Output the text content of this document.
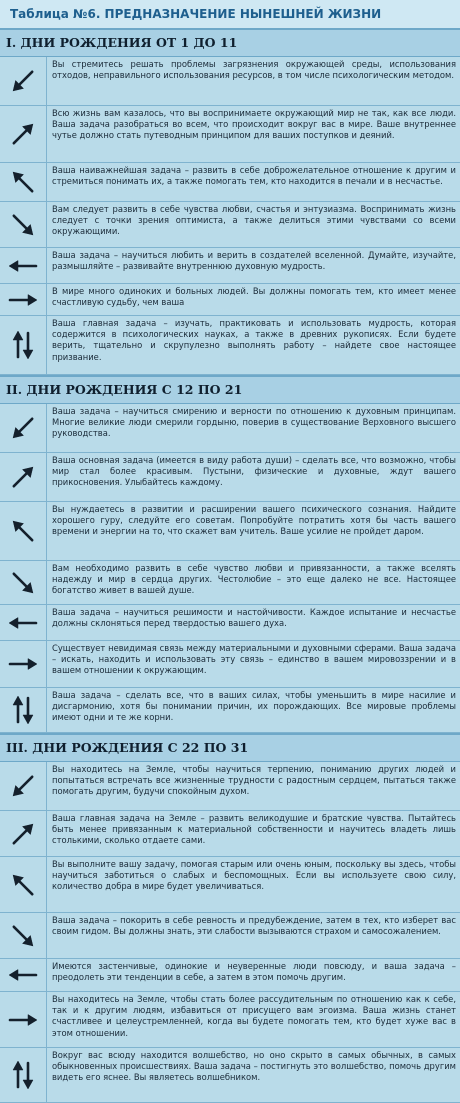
Таблица №6. ПРЕДНАЗНАЧЕНИЕ НЫНЕШНЕЙ ЖИЗНИ
I. ДНИ РОЖДЕНИЯ ОТ 1 ДО 11
Вы стремитесь решать проблемы загрязнения окружающей среды, использования отходов, неправильного использования ресурсов, в том числе психологическим методом.
Всю жизнь вам казалось, что вы воспринимаете окружающий мир не так, как все люди. Ваша задача разобраться во всем, что происходит вокруг вас в мире. Ваше внутреннее чутье должно стать путеводным принципом для ваших поступков и деяний.
Ваша наиважнейшая задача – развить в себе доброжелательное отношение к другим и стремиться понимать их, а также помогать тем, кто находится в печали и в несчастье.
Вам следует развить в себе чувства любви, счастья и энтузиазма. Воспринимать жизнь следует с точки зрения оптимиста, а также делиться этими чувствами со всеми окружающими.
Ваша задача – научиться любить и верить в создателей вселенной. Думайте, изучайте, размышляйте – развивайте внутреннюю духовную мудрость.
В мире много одиноких и больных людей. Вы должны помогать тем, кто имеет менее счастливую судьбу, чем ваша
Ваша главная задача – изучать, практиковать и использовать мудрость, которая содержится в психологических науках, а также в древних рукописях. Если будете верить, тщательно и скрупулезно выполнять работу – найдете свое настоящее призвание.
II. ДНИ РОЖДЕНИЯ С 12 ПО 21
Ваша задача – научиться смирению и верности по отношению к духовным принципам. Многие великие люди смерили гордыню, поверив в существование Верховного высшего руководства.
Ваша основная задача (имеется в виду работа души) – сделать все, что возможно, чтобы мир стал более красивым. Пустыни, физические и духовные, ждут вашего прикосновения. Улыбайтесь каждому.
Вы нуждаетесь в развитии и расширении вашего психического сознания. Найдите хорошего гуру, следуйте его советам. Попробуйте потратить хотя бы часть вашего времени и энергии на то, что скажет вам учитель. Ваше усилие не пройдет даром.
Вам необходимо развить в себе чувство любви и привязанности, а также вселять надежду и мир в сердца других. Честолюбие – это еще далеко не все. Настоящее богатство живет в вашей душе.
Ваша задача – научиться решимости и настойчивости. Каждое испытание и несчастье должны склоняться перед твердостью вашего духа.
Существует невидимая связь между материальными и духовными сферами. Ваша задача – искать, находить и использовать эту связь – единство в вашем мировоззрении и в вашем отношении к окружающим.
Ваша задача – сделать все, что в ваших силах, чтобы уменьшить в мире насилие и дисгармонию, хотя бы понимании причин, их порождающих. Все мировые проблемы имеют одни и те же корни.
III. ДНИ РОЖДЕНИЯ С 22 ПО 31
Вы находитесь на Земле, чтобы научиться терпению, пониманию других людей и попытаться встречать все жизненные трудности с радостным сердцем, пытаться также помогать другим, будучи спокойным духом.
Ваша главная задача на Земле – развить великодушие и братские чувства. Пытайтесь быть менее привязанным к материальной собственности и научитесь владеть лишь столькими, сколько отдаете сами.
Вы выполните вашу задачу, помогая старым или очень юным, поскольку вы здесь, чтобы научиться заботиться о слабых и беспомощных. Если вы используете свою силу, количество добра в мире будет увеличиваться.
Ваша задача – покорить в себе ревность и предубеждение, затем в тех, кто изберет вас своим гидом. Вы должны знать, эти слабости вызываются страхом и самосожалением.
Имеются застенчивые, одинокие и неуверенные люди повсюду, и ваша задача – преодолеть эти тенденции в себе, а затем в этом помочь другим.
Вы находитесь на Земле, чтобы стать более рассудительным по отношению как к себе, так и к другим людям, избавиться от присущего вам эгоизма. Ваша жизнь станет счастливее и целеустремленней, когда вы будете помогать тем, кто будет хуже вас в этом отношении.
Вокруг вас всюду находится волшебство, но оно скрыто в самых обычных, в самых обыкновенных происшествиях. Ваша задача – постигнуть это волшебство, помочь другим видеть его яснее. Вы являетесь волшебником.
